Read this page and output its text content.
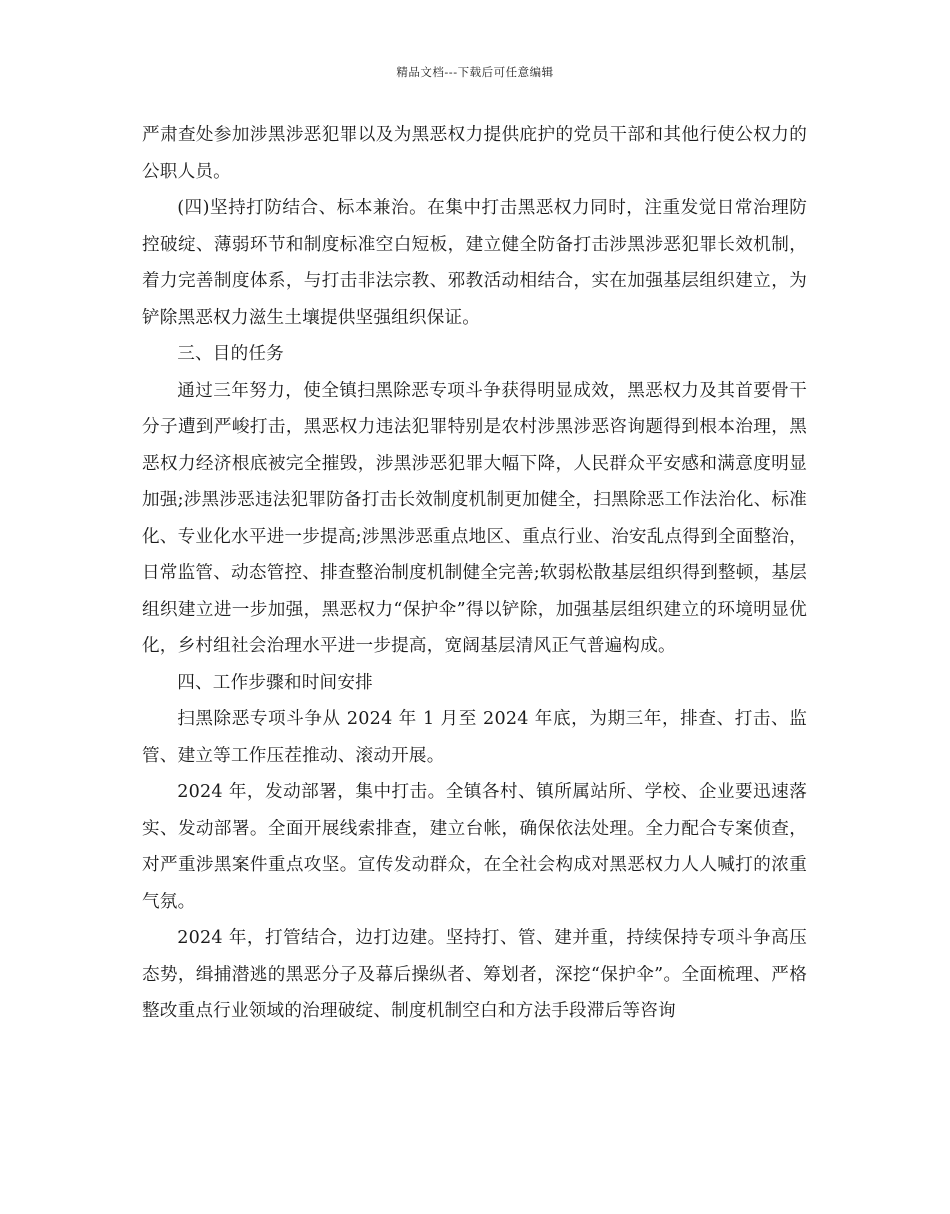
精品文档---下载后可任意编辑

严肃查处参加涉黑涉恶犯罪以及为黑恶权力提供庇护的党员干部和其他行使公权力的公职人员。

(四)坚持打防结合、标本兼治。在集中打击黑恶权力同时，注重发觉日常治理防控破绽、薄弱环节和制度标准空白短板，建立健全防备打击涉黑涉恶犯罪长效机制，着力完善制度体系，与打击非法宗教、邪教活动相结合，实在加强基层组织建立，为铲除黑恶权力滋生土壤提供坚强组织保证。

三、目的任务

通过三年努力，使全镇扫黑除恶专项斗争获得明显成效，黑恶权力及其首要骨干分子遭到严峻打击，黑恶权力违法犯罪特别是农村涉黑涉恶咨询题得到根本治理，黑恶权力经济根底被完全摧毁，涉黑涉恶犯罪大幅下降，人民群众平安感和满意度明显加强;涉黑涉恶违法犯罪防备打击长效制度机制更加健全，扫黑除恶工作法治化、标准化、专业化水平进一步提高;涉黑涉恶重点地区、重点行业、治安乱点得到全面整治，日常监管、动态管控、排查整治制度机制健全完善;软弱松散基层组织得到整顿，基层组织建立进一步加强，黑恶权力“保护伞”得以铲除，加强基层组织建立的环境明显优化，乡村组社会治理水平进一步提高，宽阔基层清风正气普遍构成。

四、工作步骤和时间安排

扫黑除恶专项斗争从 2024 年 1 月至 2024 年底，为期三年，排查、打击、监管、建立等工作压茬推动、滚动开展。

2024 年，发动部署，集中打击。全镇各村、镇所属站所、学校、企业要迅速落实、发动部署。全面开展线索排查，建立台帐，确保依法处理。全力配合专案侦查，对严重涉黑案件重点攻坚。宣传发动群众，在全社会构成对黑恶权力人人喊打的浓重气氛。

2024 年，打管结合，边打边建。坚持打、管、建并重，持续保持专项斗争高压态势，缉捕潜逃的黑恶分子及幕后操纵者、筹划者，深挖“保护伞”。全面梳理、严格整改重点行业领域的治理破绽、制度机制空白和方法手段滞后等咨询
